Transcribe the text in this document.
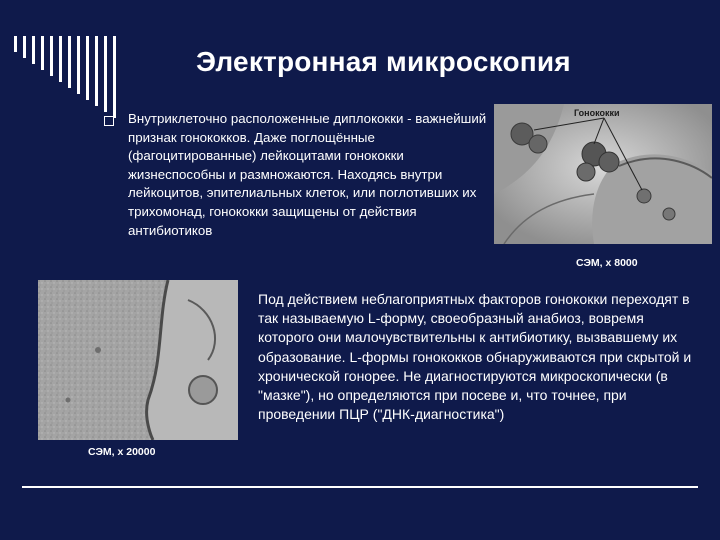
Электронная микроскопия
Внутриклеточно расположенные диплококки - важнейший признак гонококков. Даже поглощённые (фагоцитированные) лейкоцитами гонококки жизнеспособны и размножаются. Находясь внутри лейкоцитов, эпителиальных клеток, или поглотивших их трихомонад, гонококки защищены от действия антибиотиков
Гонококки
СЭМ, х 8000
СЭМ, х 20000
Под действием неблагоприятных факторов гонококки переходят в так называемую L-форму, своеобразный анабиоз, вовремя которого они малочувствительны к антибиотику, вызвавшему их образование. L-формы гонококков обнаруживаются при скрытой и хронической гонорее. Не диагностируются микроскопически (в "мазке"), но определяются при посеве и, что точнее, при проведении ПЦР ("ДНК-диагностика")
